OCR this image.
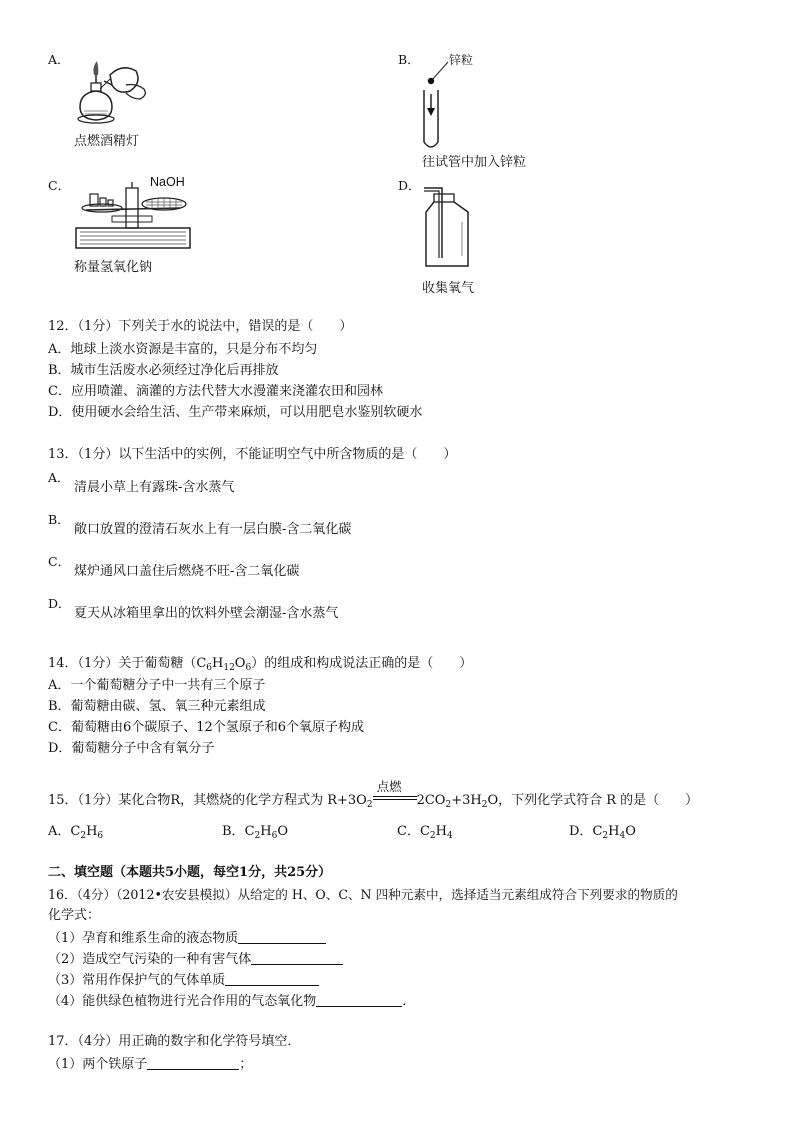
A．
点燃酒精灯
B． 锌粒
往试管中加入锌粒
C．	NaOH
称量氢氧化钠
D．
收集氧气
12．（1分）下列关于水的说法中，错误的是（　　）
A．地球上淡水资源是丰富的，只是分布不均匀
B．城市生活废水必须经过净化后再排放
C．应用喷灌、滴灌的方法代替大水漫灌来浇灌农田和园林
D．使用硬水会给生活、生产带来麻烦，可以用肥皂水鉴别软硬水
13．（1分）以下生活中的实例，不能证明空气中所含物质的是（　　）
A．
清晨小草上有露珠-含水蒸气
B．
敞口放置的澄清石灰水上有一层白膜-含二氧化碳
C．
煤炉通风口盖住后燃烧不旺-含二氧化碳
D．
夏天从冰箱里拿出的饮料外壁会潮湿-含水蒸气
14．（1分）关于葡萄糖$(C_6H_{12}O_6)$的组成和构成说法正确的是（　　）
A．一个葡萄糖分子中一共有三个原子
B．葡萄糖由碳、氢、氧三种元素组成
C．葡萄糖由6个碳原子、12个氢原子和6个氧原子构成
D．葡萄糖分子中含有氧分子
15．（1分）某化合物R，其燃烧的化学方程式为 $R+3O_2$
点燃
$2CO_2+3H_2O$，下列化学式符合 R 的是（　　）
A．$C_2H_6$	B．$C_2H_6O$	C．$C_2H_4$	D．$C_2H_4O$
二、填空题（本题共5小题，每空1分，共25分）
16．（4分）（2012•农安县模拟）从给定的 H、O、C、N 四种元素中，选择适当元素组成符合下列要求的物质的
化学式：
（1）孕育和维系生命的液态物质
（2）造成空气污染的一种有害气体
（3）常用作保护气的气体单质
（4）能供绿色植物进行光合作用的气态氧化物	．
17．（4分）用正确的数字和化学符号填空．
（1）两个铁原子	；
